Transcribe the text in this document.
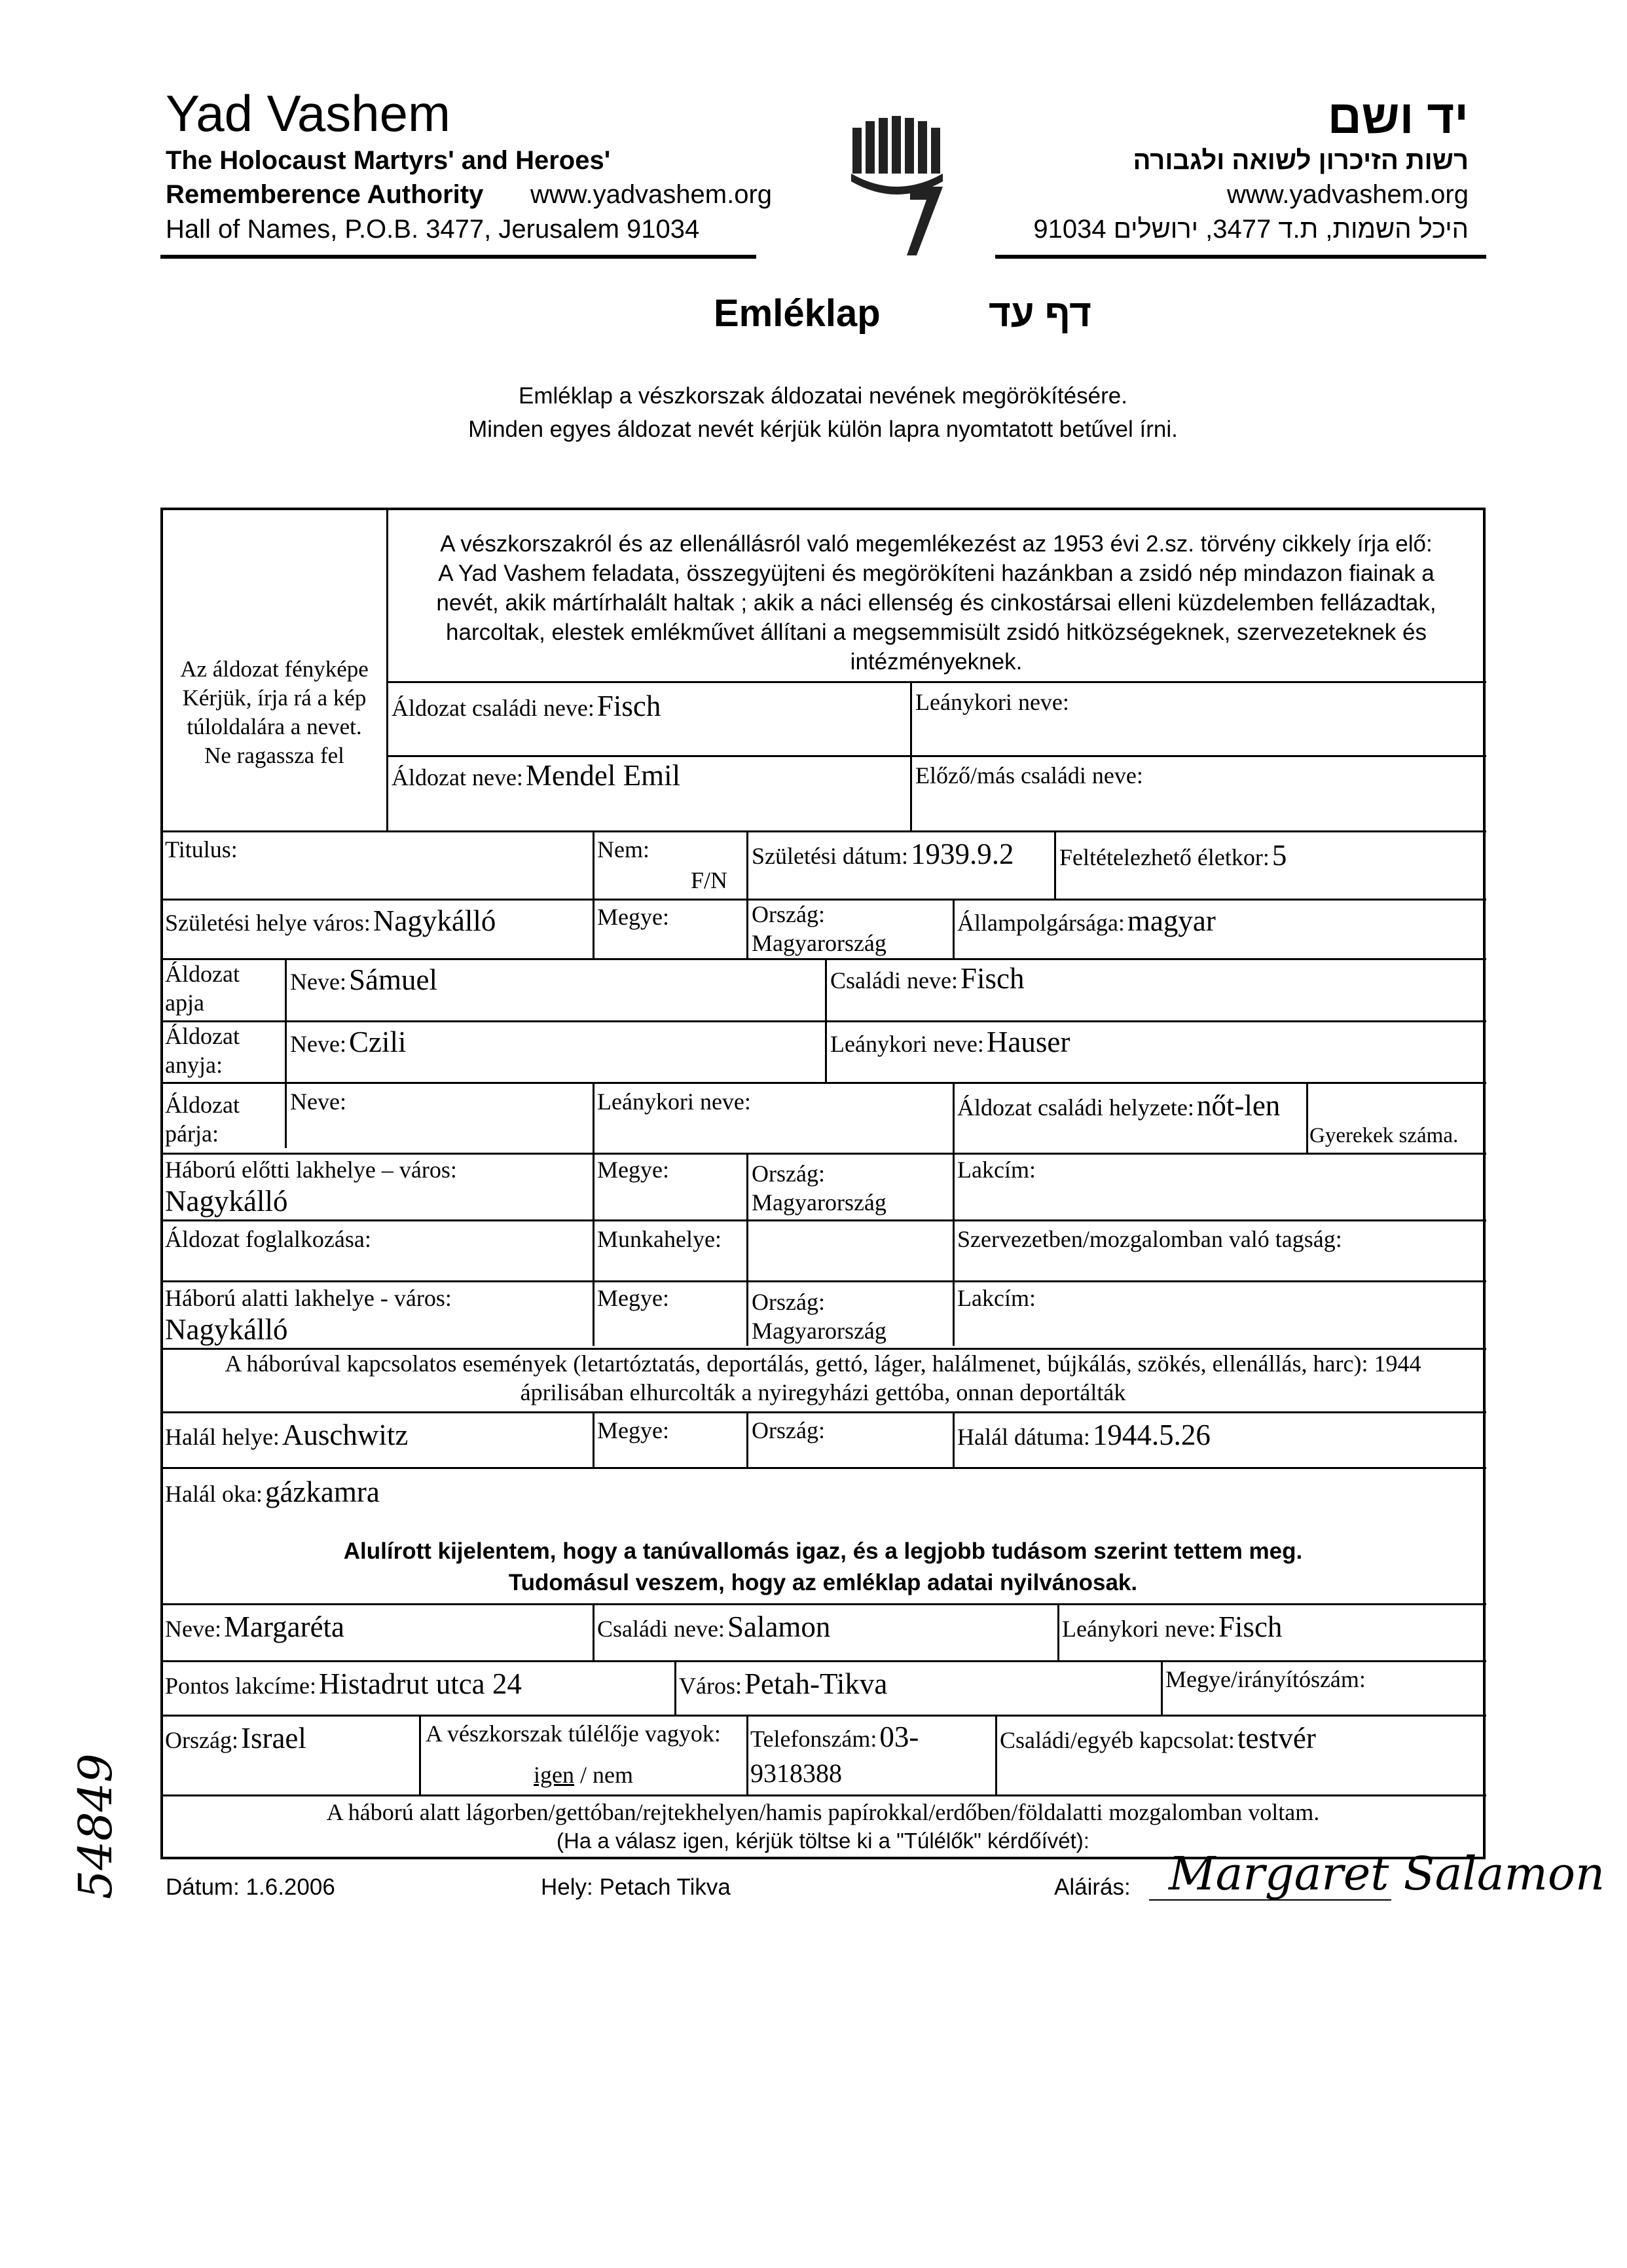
Yad Vashem
The Holocaust Martyrs' and Heroes'
Rememberence Authority www.yadvashem.org
Hall of Names, P.O.B. 3477, Jerusalem 91034
יד ושם
רשות הזיכרון לשואה ולגבורה
www.yadvashem.org
היכל השמות, ת.ד 3477, ירושלים 91034
Emléklap	דף עד
Emléklap a vészkorszak áldozatai nevének megörökítésére.
Minden egyes áldozat nevét kérjük külön lapra nyomtatott betűvel írni.
Az áldozat fényképe
Kérjük, írja rá a kép
túloldalára a nevet.
Ne ragassza fel
A vészkorszakról és az ellenállásról való megemlékezést az 1953 évi 2.sz. törvény cikkely írja elő:
A Yad Vashem feladata, összegyüjteni és megörökíteni hazánkban a zsidó nép mindazon fiainak a
nevét, akik mártírhalált haltak ; akik a náci ellenség és cinkostársai elleni küzdelemben fellázadtak,
harcoltak, elestek emlékművet állítani a megsemmisült zsidó hitközségeknek, szervezeteknek és
intézményeknek.
Áldozat családi neve: Fisch	Leánykori neve:
Áldozat neve: Mendel Emil	Előző/más családi neve:
Titulus:	Nem:
F/N
Születési dátum: 1939.9.2 Feltételezhető életkor: 5
Születési helye város: Nagykálló	Megye:	Ország:
Magyarország
Állampolgársága: magyar
Áldozat
apja
Neve: Sámuel	Családi neve: Fisch
Áldozat
anyja:
Neve: Czili	Leánykori neve: Hauser
Áldozat
párja:
Neve:	Leánykori neve:	Áldozat családi helyzete: nőt-len
Gyerekek száma.
Háború előtti lakhelye – város:
Nagykálló
Megye:	Ország:
Magyarország
Lakcím:
Áldozat foglalkozása:	Munkahelye:	Szervezetben/mozgalomban való tagság:
Háború alatti lakhelye - város:
Nagykálló
Megye:	Ország:
Magyarország
Lakcím:
A háborúval kapcsolatos események (letartóztatás, deportálás, gettó, láger, halálmenet, bújkálás, szökés, ellenállás, harc): 1944
áprilisában elhurcolták a nyiregyházi gettóba, onnan deportálták
Halál helye: Auschwitz	Megye:	Ország:	Halál dátuma: 1944.5.26
Halál oka: gázkamra
Alulírott kijelentem, hogy a tanúvallomás igaz, és a legjobb tudásom szerint tettem meg.
Tudomásul veszem, hogy az emléklap adatai nyilvánosak.
Neve: Margaréta	Családi neve: Salamon	Leánykori neve: Fisch
Pontos lakcíme: Histadrut utca 24	Város: Petah-Tikva	Megye/irányítószám:
Ország: Israel	A vészkorszak túlélője vagyok:
igen / nem
Telefonszám: 03-
9318388
Családi/egyéb kapcsolat: testvér
A háború alatt lágorben/gettóban/rejtekhelyen/hamis papírokkal/erdőben/földalatti mozgalomban voltam.
(Ha a válasz igen, kérjük töltse ki a "Túlélők" kérdőívét):
Dátum: 1.6.2006	Hely: Petach Tikva	Aláirás: Margaret Salamon
54849
